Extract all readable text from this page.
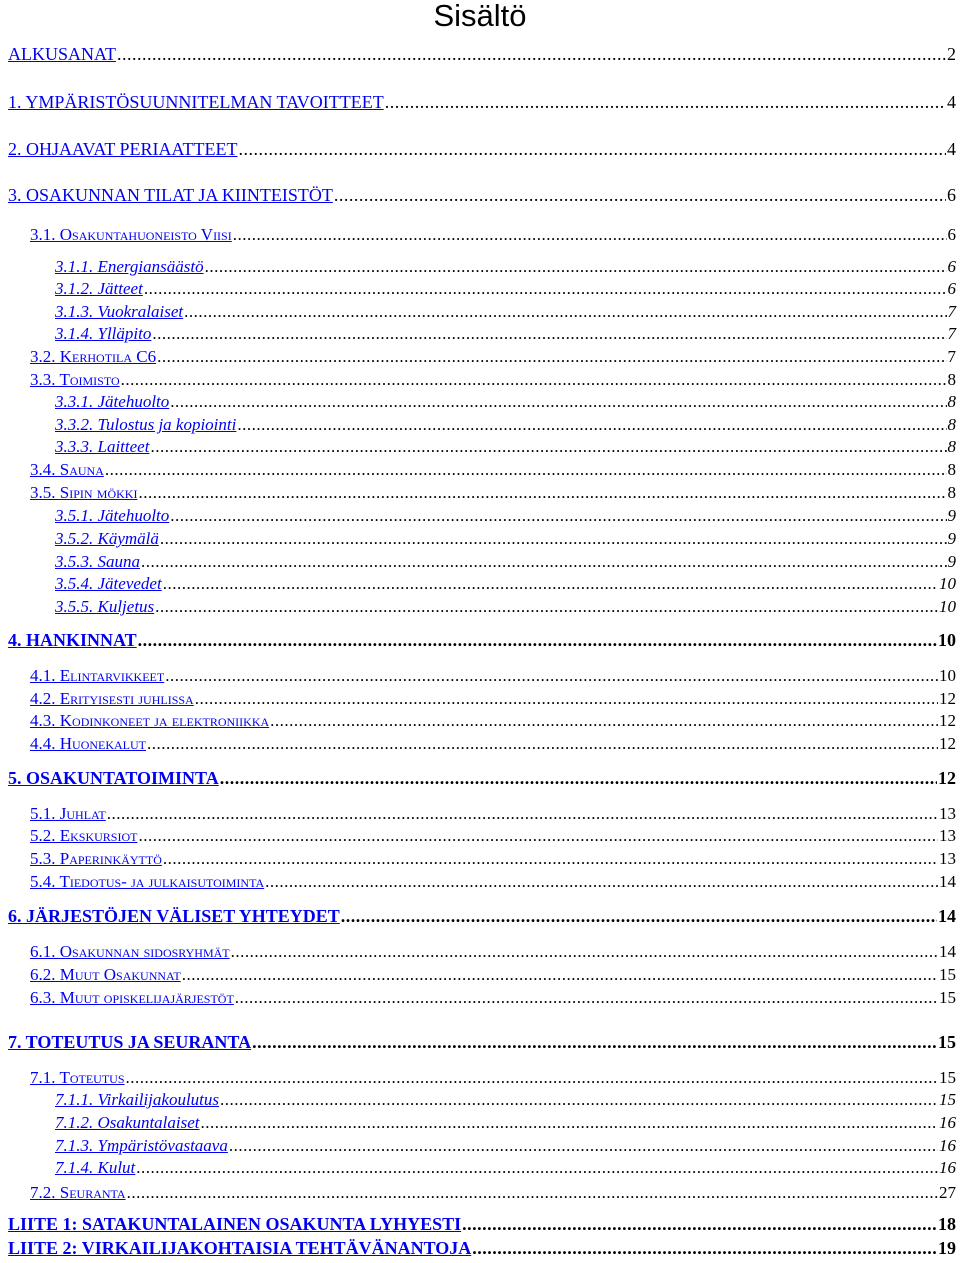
Sisältö
ALKUSANAT .....	2
1. YMPÄRISTÖSUUNNITELMAN TAVOITTEET .....	4
2. OHJAAVAT PERIAATTEET .....	4
3. OSAKUNNAN TILAT JA KIINTEISTÖT .....	6
3.1. Osakuntahuoneisto Viisi .....	6
3.1.1. Energiansäästö .....	6
3.1.2. Jätteet .....	6
3.1.3. Vuokralaiset .....	7
3.1.4. Ylläpito .....	7
3.2. Kerhotila C6 .....	7
3.3. Toimisto .....	8
3.3.1. Jätehuolto .....	8
3.3.2. Tulostus ja kopiointi .....	8
3.3.3. Laitteet .....	8
3.4. Sauna .....	8
3.5. Sipin mökki .....	8
3.5.1. Jätehuolto .....	9
3.5.2. Käymälä .....	9
3.5.3. Sauna .....	9
3.5.4. Jätevedet .....	10
3.5.5. Kuljetus .....	10
4. HANKINNAT .....	10
4.1. Elintarvikkeet .....	10
4.2. Erityisesti juhlissa .....	12
4.3. Kodinkoneet ja elektroniikka .....	12
4.4. Huonekalut .....	12
5. OSAKUNTATOIMINTA .....	12
5.1. Juhlat .....	13
5.2. Ekskursiot .....	13
5.3. Paperinkäyttö .....	13
5.4. Tiedotus- ja julkaisutoiminta .....	14
6. JÄRJESTÖJEN VÄLISET YHTEYDET .....	14
6.1. Osakunnan sidosryhmät .....	14
6.2. Muut Osakunnat .....	15
6.3. Muut opiskelijajärjestöt .....	15
7. TOTEUTUS JA SEURANTA .....	15
7.1. Toteutus .....	15
7.1.1. Virkailijakoulutus .....	15
7.1.2. Osakuntalaiset .....	16
7.1.3. Ympäristövastaava .....	16
7.1.4. Kulut .....	16
7.2. Seuranta .....	27
LIITE 1: SATAKUNTALAINEN OSAKUNTA LYHYESTI .....	18
LIITE 2: VIRKAILIJAKOHTAISIA TEHTÄVÄNANTOJA .....	19
